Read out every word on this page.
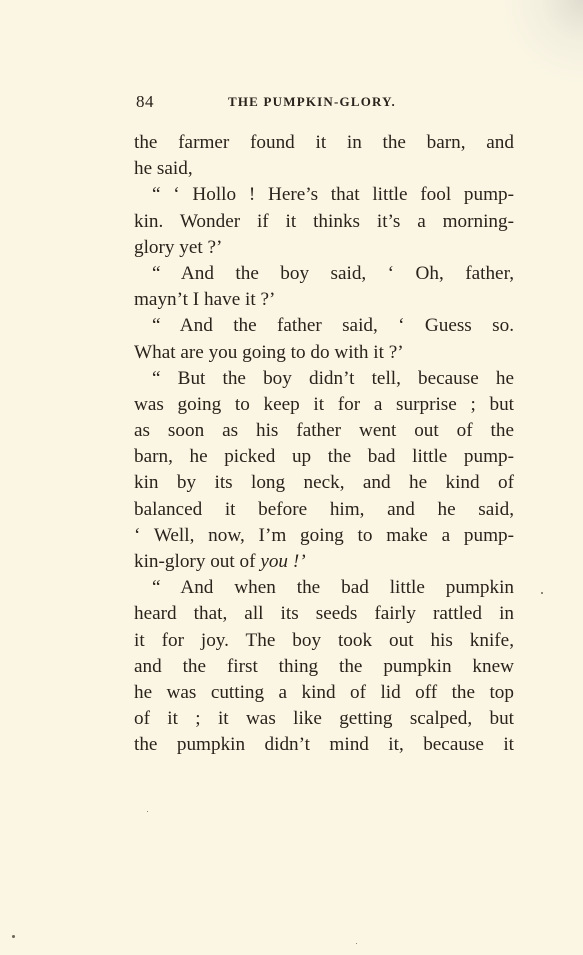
84	THE PUMPKIN-GLORY.
the farmer found it in the barn, and
he said,
“ ‘ Hollo ! Here’s that little fool pump-
kin. Wonder if it thinks it’s a morning-
glory yet ?’
“ And the boy said, ‘ Oh, father,
mayn’t I have it ?’
“ And the father said, ‘ Guess so.
What are you going to do with it ?’
“ But the boy didn’t tell, because he
was going to keep it for a surprise ; but
as soon as his father went out of the
barn, he picked up the bad little pump-
kin by its long neck, and he kind of
balanced it before him, and he said,
‘ Well, now, I’m going to make a pump-
kin-glory out of you !’
“ And when the bad little pumpkin
heard that, all its seeds fairly rattled in
it for joy. The boy took out his knife,
and the first thing the pumpkin knew
he was cutting a kind of lid off the top
of it ; it was like getting scalped, but
the pumpkin didn’t mind it, because it
